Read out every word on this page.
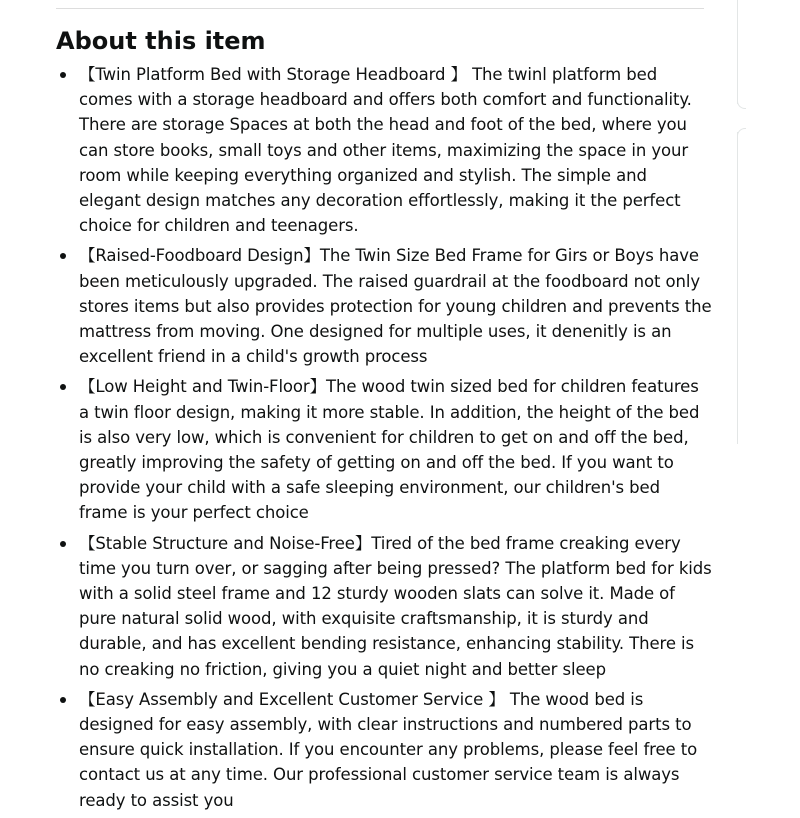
About this item
【Twin Platform Bed with Storage Headboard 】 The twinl platform bed comes with a storage headboard and offers both comfort and functionality. There are storage Spaces at both the head and foot of the bed, where you can store books, small toys and other items, maximizing the space in your room while keeping everything organized and stylish. The simple and elegant design matches any decoration effortlessly, making it the perfect choice for children and teenagers.
【Raised-Foodboard Design】The Twin Size Bed Frame for Girs or Boys have been meticulously upgraded. The raised guardrail at the foodboard not only stores items but also provides protection for young children and prevents the mattress from moving. One designed for multiple uses, it denenitly is an excellent friend in a child's growth process
【Low Height and Twin-Floor】The wood twin sized bed for children features a twin floor design, making it more stable. In addition, the height of the bed is also very low, which is convenient for children to get on and off the bed, greatly improving the safety of getting on and off the bed. If you want to provide your child with a safe sleeping environment, our children's bed frame is your perfect choice
【Stable Structure and Noise-Free】Tired of the bed frame creaking every time you turn over, or sagging after being pressed? The platform bed for kids with a solid steel frame and 12 sturdy wooden slats can solve it. Made of pure natural solid wood, with exquisite craftsmanship, it is sturdy and durable, and has excellent bending resistance, enhancing stability. There is no creaking no friction, giving you a quiet night and better sleep
【Easy Assembly and Excellent Customer Service 】 The wood bed is designed for easy assembly, with clear instructions and numbered parts to ensure quick installation. If you encounter any problems, please feel free to contact us at any time. Our professional customer service team is always ready to assist you
